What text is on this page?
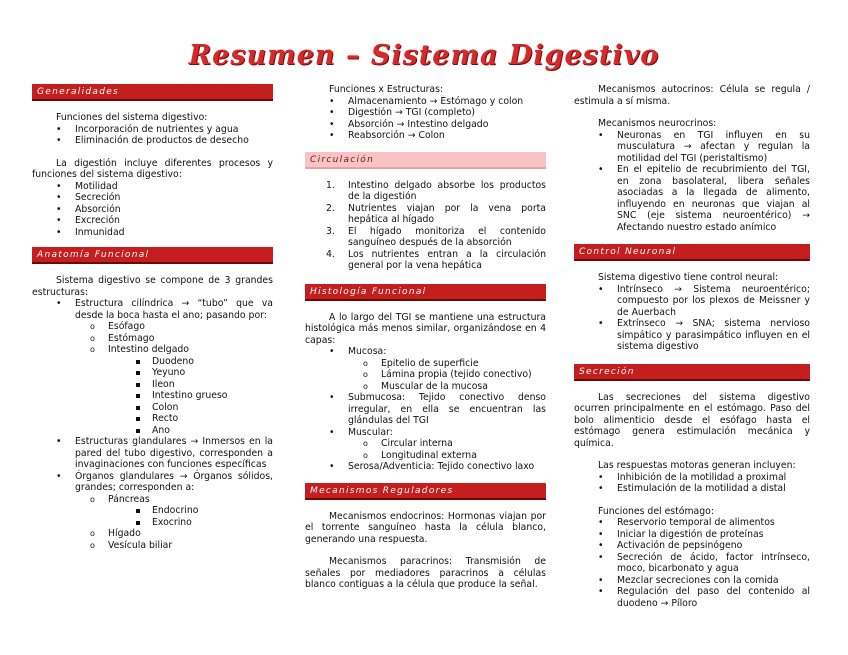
Resumen – Sistema Digestivo
Generalidades

Funciones del sistema digestivo:

• Incorporación de nutrientes y agua
• Eliminación de productos de desecho

La digestión incluye diferentes procesos y funciones del sistema digestivo:

• Motilidad
• Secreción
• Absorción
• Excreción
• Inmunidad
Anatomía Funcional

Sistema digestivo se compone de 3 grandes estructuras:

• Estructura cilíndrica → “tubo” que va desde la boca hasta el ano; pasando por:
o Esófago
o Estómago
o Intestino delgado
Duodeno
Yeyuno
Ileon
Intestino grueso
Colon
Recto
Ano
• Estructuras glandulares → Inmersos en la pared del tubo digestivo, corresponden a invaginaciones con funciones específicas
• Órganos glandulares → Órganos sólidos, grandes; corresponden a:
o Páncreas
Endocrino
Exocrino
o Hígado
o Vesícula biliar

Funciones x Estructuras:

• Almacenamiento → Estómago y colon
• Digestión → TGI (completo)
• Absorción → Intestino delgado
• Reabsorción → Colon
Circulación
1. Intestino delgado absorbe los productos de la digestión
2. Nutrientes viajan por la vena porta hepática al hígado
3. El hígado monitoriza el contenido sanguíneo después de la absorción
4. Los nutrientes entran a la circulación general por la vena hepática
Histología Funcional

A lo largo del TGI se mantiene una estructura histológica más menos similar, organizándose en 4 capas:

• Mucosa:
o Epitelio de superficie
o Lámina propia (tejido conectivo)
o Muscular de la mucosa
• Submucosa: Tejido conectivo denso irregular, en ella se encuentran las glándulas del TGI
• Muscular:
o Circular interna
o Longitudinal externa
• Serosa/Adventicia: Tejido conectivo laxo
Mecanismos Reguladores

Mecanismos endocrinos: Hormonas viajan por el torrente sanguíneo hasta la célula blanco, generando una respuesta.

Mecanismos paracrinos: Transmisión de señales por mediadores paracrinos a células blanco contiguas a la célula que produce la señal.

Mecanismos autocrinos: Célula se regula / estimula a sí misma.

Mecanismos neurocrinos:

• Neuronas en TGI influyen en su musculatura → afectan y regulan la motilidad del TGI (peristaltismo)
• En el epitelio de recubrimiento del TGI, en zona basolateral, libera señales asociadas a la llegada de alimento, influyendo en neuronas que viajan al SNC (eje sistema neuroentérico) → Afectando nuestro estado anímico
Control Neuronal

Sistema digestivo tiene control neural:

• Intrínseco → Sistema neuroentérico; compuesto por los plexos de Meissner y de Auerbach
• Extrínseco → SNA; sistema nervioso simpático y parasimpático influyen en el sistema digestivo
Secreción

Las secreciones del sistema digestivo ocurren principalmente en el estómago. Paso del bolo alimenticio desde el esófago hasta el estómago genera estimulación mecánica y química.

Las respuestas motoras generan incluyen:

• Inhibición de la motilidad a proximal
• Estimulación de la motilidad a distal

Funciones del estómago:

• Reservorio temporal de alimentos
• Iniciar la digestión de proteínas
• Activación de pepsinógeno
• Secreción de ácido, factor intrínseco, moco, bicarbonato y agua
• Mezclar secreciones con la comida
• Regulación del paso del contenido al duodeno → Píloro
